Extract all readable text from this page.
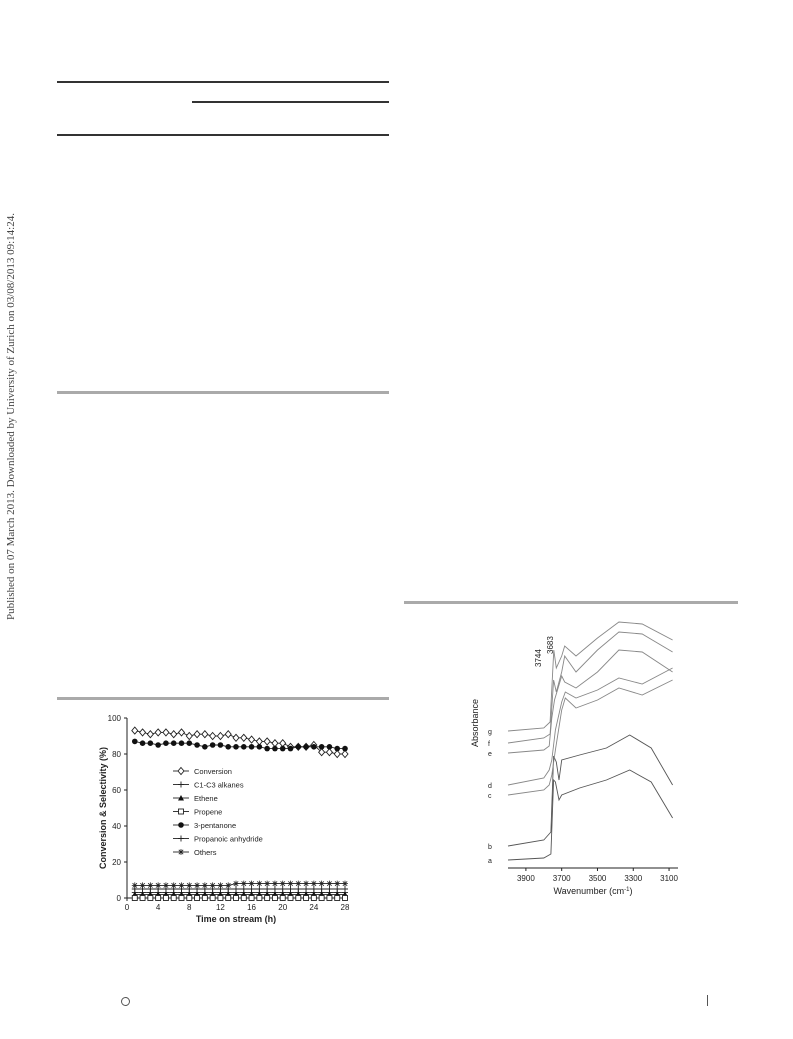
Published on 07 March 2013. Downloaded by University of Zurich on 03/08/2013 09:14:24.
0
20
40
60
80
100
0	4	8	12	16	20	24	28
Time on stream (h)
Conversion & Selectivity (%)	Conversion
C1-C3 alkanes
Ethene
Propene
3-pentanone
Propanoic anhydride
Others
a
b
c
d
e
f
g
3900 3700 3500 3300 3100
Wavenumber $(cm^{-1})$
Absorbance
3744
3683
